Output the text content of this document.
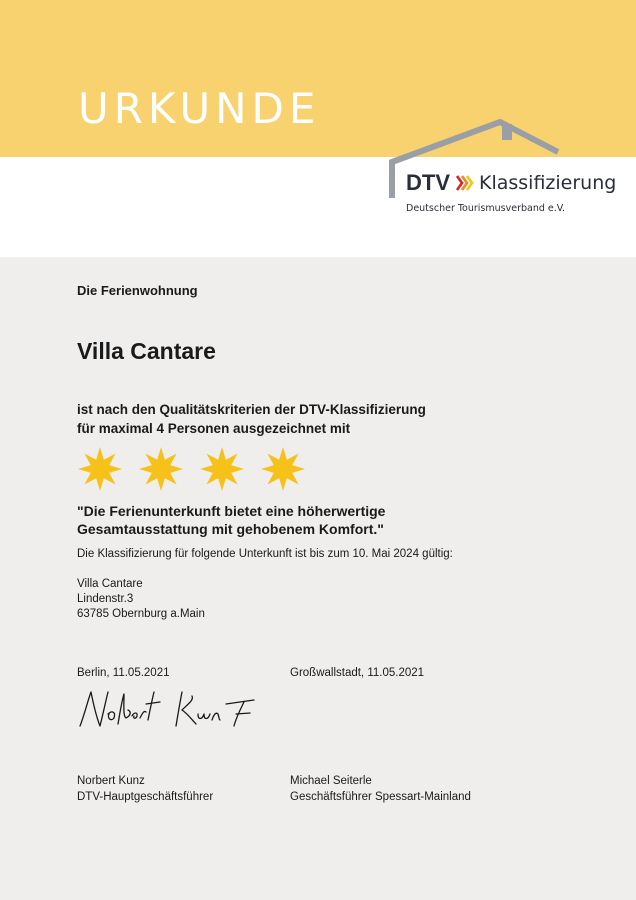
URKUNDE
DTV Klassifizierung
Deutscher Tourismusverband e.V.
Die Ferienwohnung
Villa Cantare
ist nach den Qualitätskriterien der DTV-Klassifizierung
für maximal 4 Personen ausgezeichnet mit
"Die Ferienunterkunft bietet eine höherwertige
Gesamtausstattung mit gehobenem Komfort."
Die Klassifizierung für folgende Unterkunft ist bis zum 10. Mai 2024 gültig:
Villa Cantare
Lindenstr.3
63785 Obernburg a.Main
Berlin, 11.05.2021	Großwallstadt, 11.05.2021
Norbert Kunz
DTV-Hauptgeschäftsführer
Michael Seiterle
Geschäftsführer Spessart-Mainland
